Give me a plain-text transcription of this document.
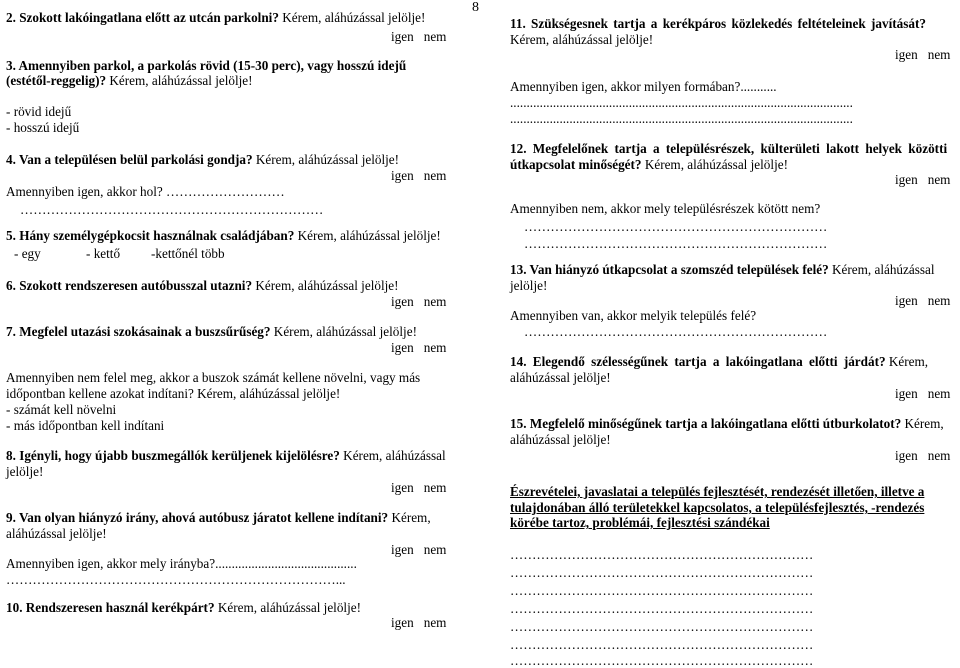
8
2. Szokott lakóingatlana előtt az utcán parkolni? Kérem, aláhúzással jelölje!
igen nem
3. Amennyiben parkol, a parkolás rövid (15-30 perc), vagy hosszú idejű
(estétől-reggelig)? Kérem, aláhúzással jelölje!
- rövid idejű
- hosszú idejű
4. Van a településen belül parkolási gondja? Kérem, aláhúzással jelölje!
igen nem
Amennyiben igen, akkor hol? ………………………
……………………………………………………………
5. Hány személygépkocsit használnak családjában? Kérem, aláhúzással jelölje!
- egy	- kettő -kettőnél több
6. Szokott rendszeresen autóbusszal utazni? Kérem, aláhúzással jelölje!
igen nem
7. Megfelel utazási szokásainak a buszsűrűség? Kérem, aláhúzással jelölje!
igen nem
Amennyiben nem felel meg, akkor a buszok számát kellene növelni, vagy más
időpontban kellene azokat indítani? Kérem, aláhúzással jelölje!
- számát kell növelni
- más időpontban kell indítani
8. Igényli, hogy újabb buszmegállók kerüljenek kijelölésre? Kérem, aláhúzással
jelölje!
igen nem
9. Van olyan hiányzó irány, ahová autóbusz járatot kellene indítani? Kérem,
aláhúzással jelölje!
igen nem
Amennyiben igen, akkor mely irányba?...........................................
…………………………………………………………………...
10. Rendszeresen használ kerékpárt? Kérem, aláhúzással jelölje!
igen nem
11. Szükségesnek tartja a kerékpáros közlekedés feltételeinek javítását?
Kérem, aláhúzással jelölje!
igen nem
Amennyiben igen, akkor milyen formában?...........
........................................................................................................
........................................................................................................
12. Megfelelőnek tartja a településrészek, külterületi lakott helyek közötti
útkapcsolat minőségét? Kérem, aláhúzással jelölje!
igen nem
Amennyiben nem, akkor mely településrészek kötött nem?
……………………………………………………………
……………………………………………………………
13. Van hiányzó útkapcsolat a szomszéd települések felé? Kérem, aláhúzással
jelölje!
igen nem
Amennyiben van, akkor melyik település felé?
……………………………………………………………
14. Elegendő szélességűnek tartja a lakóingatlana előtti járdát? Kérem,
aláhúzással jelölje!
igen nem
15. Megfelelő minőségűnek tartja a lakóingatlana előtti útburkolatot? Kérem,
aláhúzással jelölje!
igen nem
Észrevételei, javaslatai a település fejlesztését, rendezését illetően, illetve a
tulajdonában álló területekkel kapcsolatos, a településfejlesztés, -rendezés
körébe tartoz, problémái, fejlesztési szándékai
……………………………………………………………
……………………………………………………………
……………………………………………………………
……………………………………………………………
……………………………………………………………
……………………………………………………………
……………………………………………………………
